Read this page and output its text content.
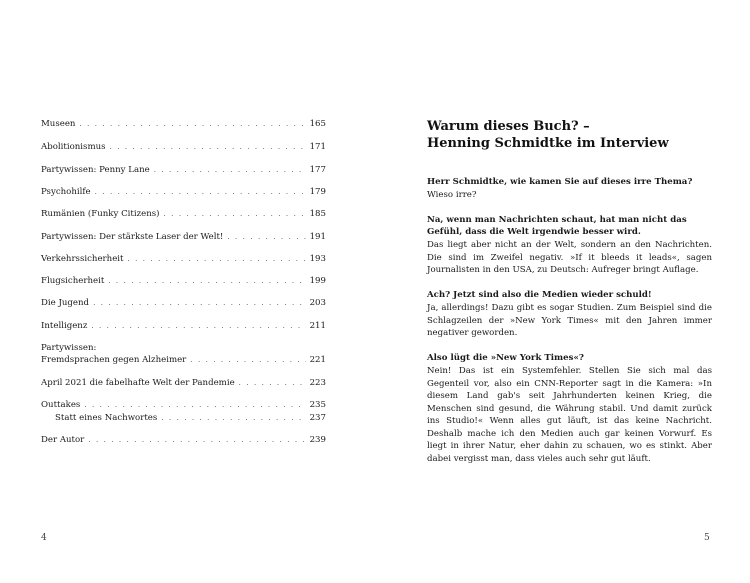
Museen . . .	165
Abolitionismus . . .	171
Partywissen: Penny Lane . . .	177
Psychohilfe . . .	179
Rumänien (Funky Citizens) . . .	185
Partywissen: Der stärkste Laser der Welt! . . .	191
Verkehrssicherheit . . .	193
Flugsicherheit . . .	199
Die Jugend . . .	203
Intelligenz . . .	211
Partywissen:
Fremdsprachen gegen Alzheimer . . .	221
April 2021 die fabelhafte Welt der Pandemie . . .	223
Outtakes . . .	235
Statt eines Nachwortes . . .	237
Der Autor . . .	239
4
Warum dieses Buch? –
Henning Schmidtke im Interview

Herr Schmidtke, wie kamen Sie auf dieses irre Thema?

Wieso irre?

Na, wenn man Nachrichten schaut, hat man nicht das Gefühl, dass die Welt irgendwie besser wird.

Das liegt aber nicht an der Welt, sondern an den Nachrichten. Die sind im Zweifel negativ. »If it bleeds it leads«, sagen Journalisten in den USA, zu Deutsch: Aufreger bringt Auflage.

Ach? Jetzt sind also die Medien wieder schuld!

Ja, allerdings! Dazu gibt es sogar Studien. Zum Beispiel sind die Schlagzeilen der »New York Times« mit den Jahren immer negativer geworden.

Also lügt die »New York Times«?

Nein! Das ist ein Systemfehler. Stellen Sie sich mal das Gegenteil vor, also ein CNN-Reporter sagt in die Kamera: »In diesem Land gab's seit Jahrhunderten keinen Krieg, die Menschen sind gesund, die Währung stabil. Und damit zurück ins Studio!« Wenn alles gut läuft, ist das keine Nachricht. Deshalb mache ich den Medien auch gar keinen Vorwurf. Es liegt in ihrer Natur, eher dahin zu schauen, wo es stinkt. Aber dabei vergisst man, dass vieles auch sehr gut läuft.

5
